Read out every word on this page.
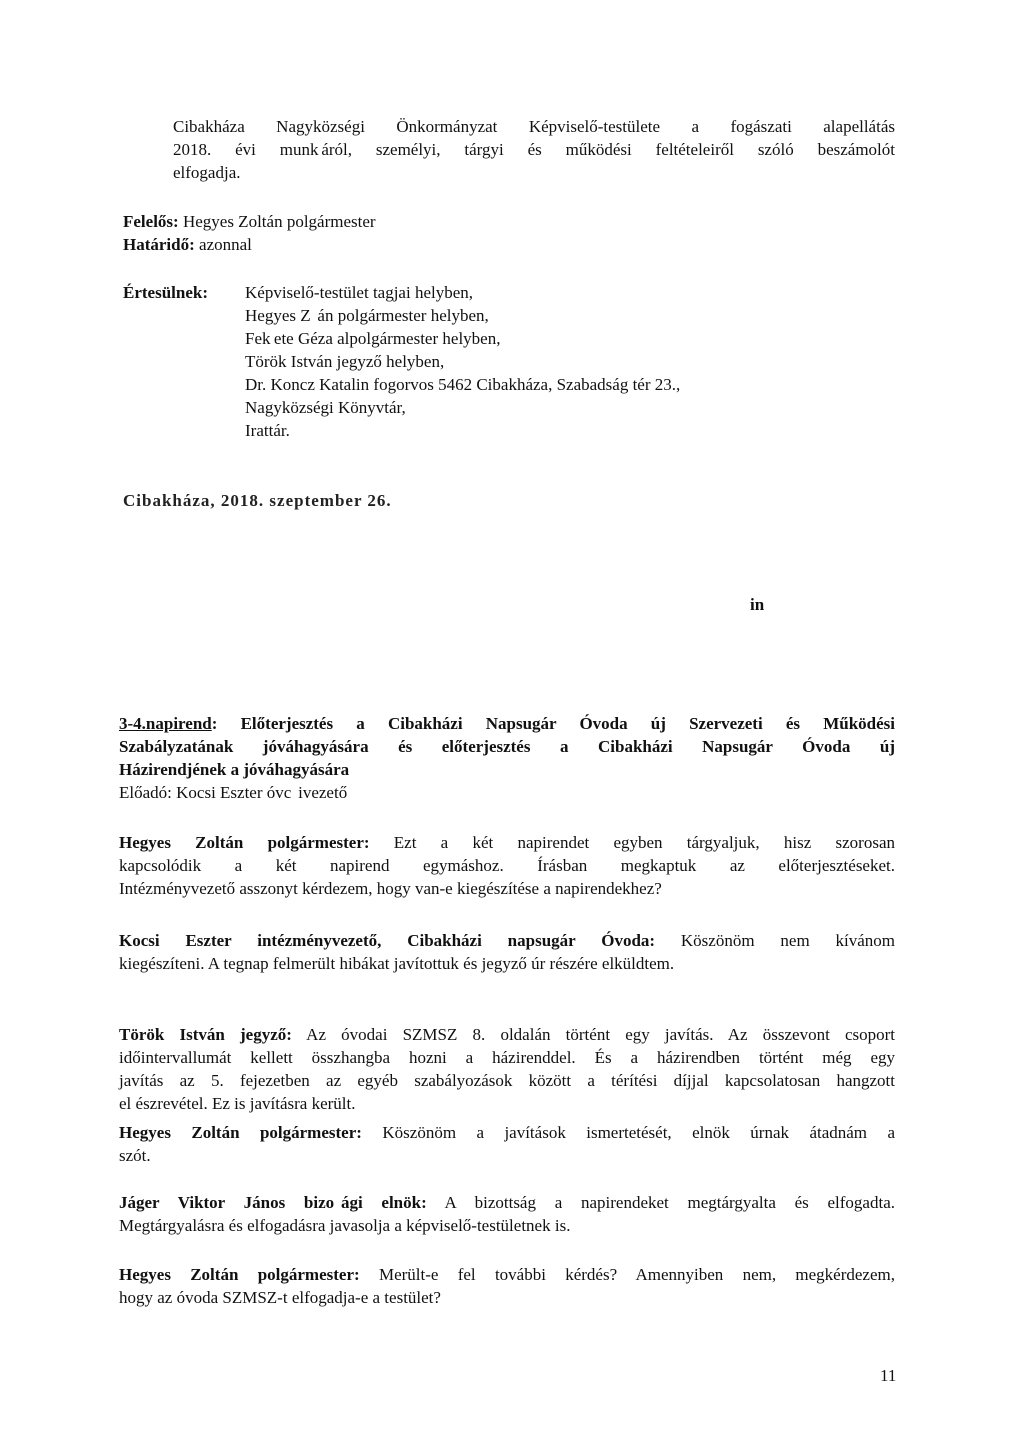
Cibakháza Nagyközségi Önkormányzat Képviselő-testülete a fogászati alapellátás
2018. évi munk  áról, személyi, tárgyi és működési feltételeiről szóló beszámolót
elfogadja.
Felelős: Hegyes Zoltán polgármester
Határidő: azonnal
Értesülnek: Képviselő-testület tagjai helyben,
Hegyes Z  án polgármester helyben,
Fek ete Géza alpolgármester helyben,
Török István jegyző helyben,
Dr. Koncz Katalin fogorvos 5462 Cibakháza, Szabadság tér 23.,
Nagyközségi Könyvtár,
Irattár.
Cibakháza, 2018. szeptember 26.
in
3-4.napirend: Előterjesztés a Cibakházi Napsugár Óvoda új Szervezeti és Működési
Szabályzatának jóváhagyására és előterjesztés a Cibakházi Napsugár Óvoda új
Házirendjének a jóváhagyására
Előadó: Kocsi Eszter óvc  ivezető
Hegyes Zoltán polgármester: Ezt a két napirendet egyben tárgyaljuk, hisz szorosan
kapcsolódik a két napirend egymáshoz. Írásban megkaptuk az előterjesztéseket.
Intézményvezető asszonyt kérdezem, hogy van-e kiegészítése a napirendekhez?
Kocsi Eszter intézményvezető, Cibakházi napsugár Óvoda: Köszönöm nem kívánom
kiegészíteni. A tegnap felmerült hibákat javítottuk és jegyző úr részére elküldtem.
Török István jegyző: Az óvodai SZMSZ 8. oldalán történt egy javítás. Az összevont csoport
időintervallumát kellett összhangba hozni a házirenddel. És a házirendben történt még egy
javítás az 5. fejezetben az egyéb szabályozások között a térítési díjjal kapcsolatosan hangzott
el észrevétel. Ez is javításra került.
Hegyes Zoltán polgármester: Köszönöm a javítások ismertetését, elnök úrnak átadnám a
szót.
Jáger Viktor János bizo  ági elnök: A bizottság a napirendeket megtárgyalta és elfogadta.
Megtárgyalásra és elfogadásra javasolja a képviselő-testületnek is.
Hegyes Zoltán polgármester: Merült-e fel további kérdés? Amennyiben nem, megkérdezem,
hogy az óvoda SZMSZ-t elfogadja-e a testület?
11
